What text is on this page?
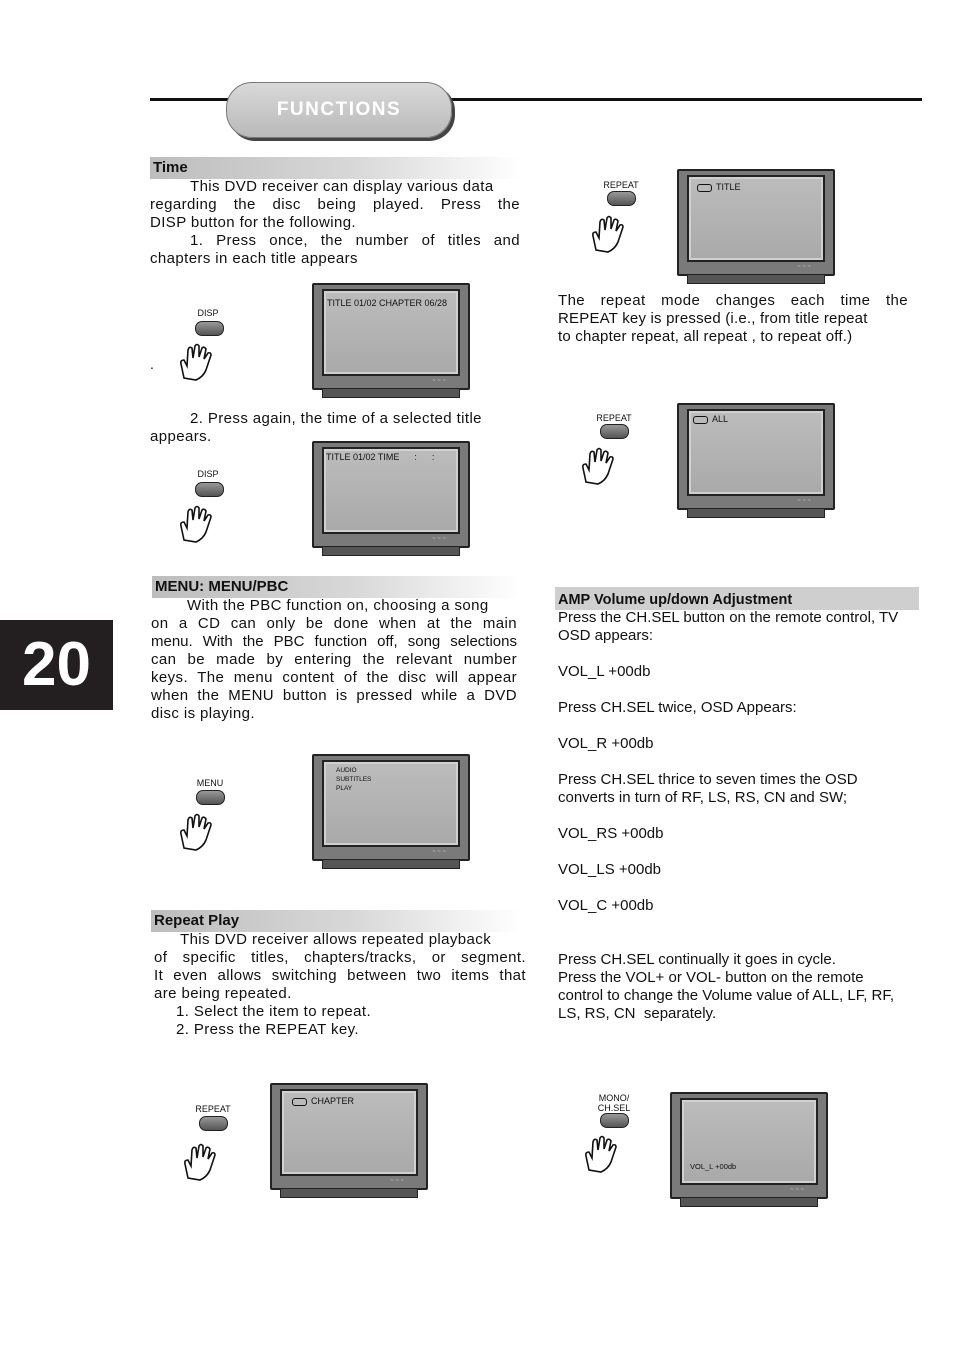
FUNCTIONS
20
Time

This DVD receiver can display various data

regarding the disc being played. Press the

DISP button for the following.

1. Press once, the number of titles and

chapters in each title appears

.
DISP
~ ~ ~
TITLE 01/02 CHAPTER 06/28

2. Press again, the time of a selected title

appears.

DISP
~ ~ ~
TITLE 01/02 TIME      :      :
MENU: MENU/PBC

With the PBC function on, choosing a song

on a CD can only be done when at the main

menu. With the PBC function off, song selections

can be made by entering the relevant number

keys. The menu content of the disc will appear

when the MENU button is pressed while a DVD

disc is playing.

MENU
~ ~ ~
AUDIO
SUBTITLES
PLAY
Repeat Play

This DVD receiver allows repeated playback

of specific titles, chapters/tracks, or segment.

It even allows switching between two items that

are being repeated.

1. Select the item to repeat.

2. Press the REPEAT key.

REPEAT
~ ~ ~
CHAPTER
REPEAT
~ ~ ~
TITLE

The repeat mode changes each time the

REPEAT key is pressed (i.e., from title repeat

to chapter repeat, all repeat , to repeat off.)

REPEAT
~ ~ ~
ALL
AMP Volume up/down Adjustment

Press the CH.SEL button on the remote control, TV

OSD appears:

VOL_L +00db

Press CH.SEL twice, OSD Appears:

VOL_R +00db

Press CH.SEL thrice to seven times the OSD

converts in turn of RF, LS, RS, CN and SW;

VOL_RS +00db

VOL_LS +00db

VOL_C +00db

Press CH.SEL continually it goes in cycle.

Press the VOL+ or VOL- button on the remote

control to change the Volume value of ALL, LF, RF,

LS, RS, CN  separately.

MONO/
CH.SEL
~ ~ ~
VOL_L +00db
